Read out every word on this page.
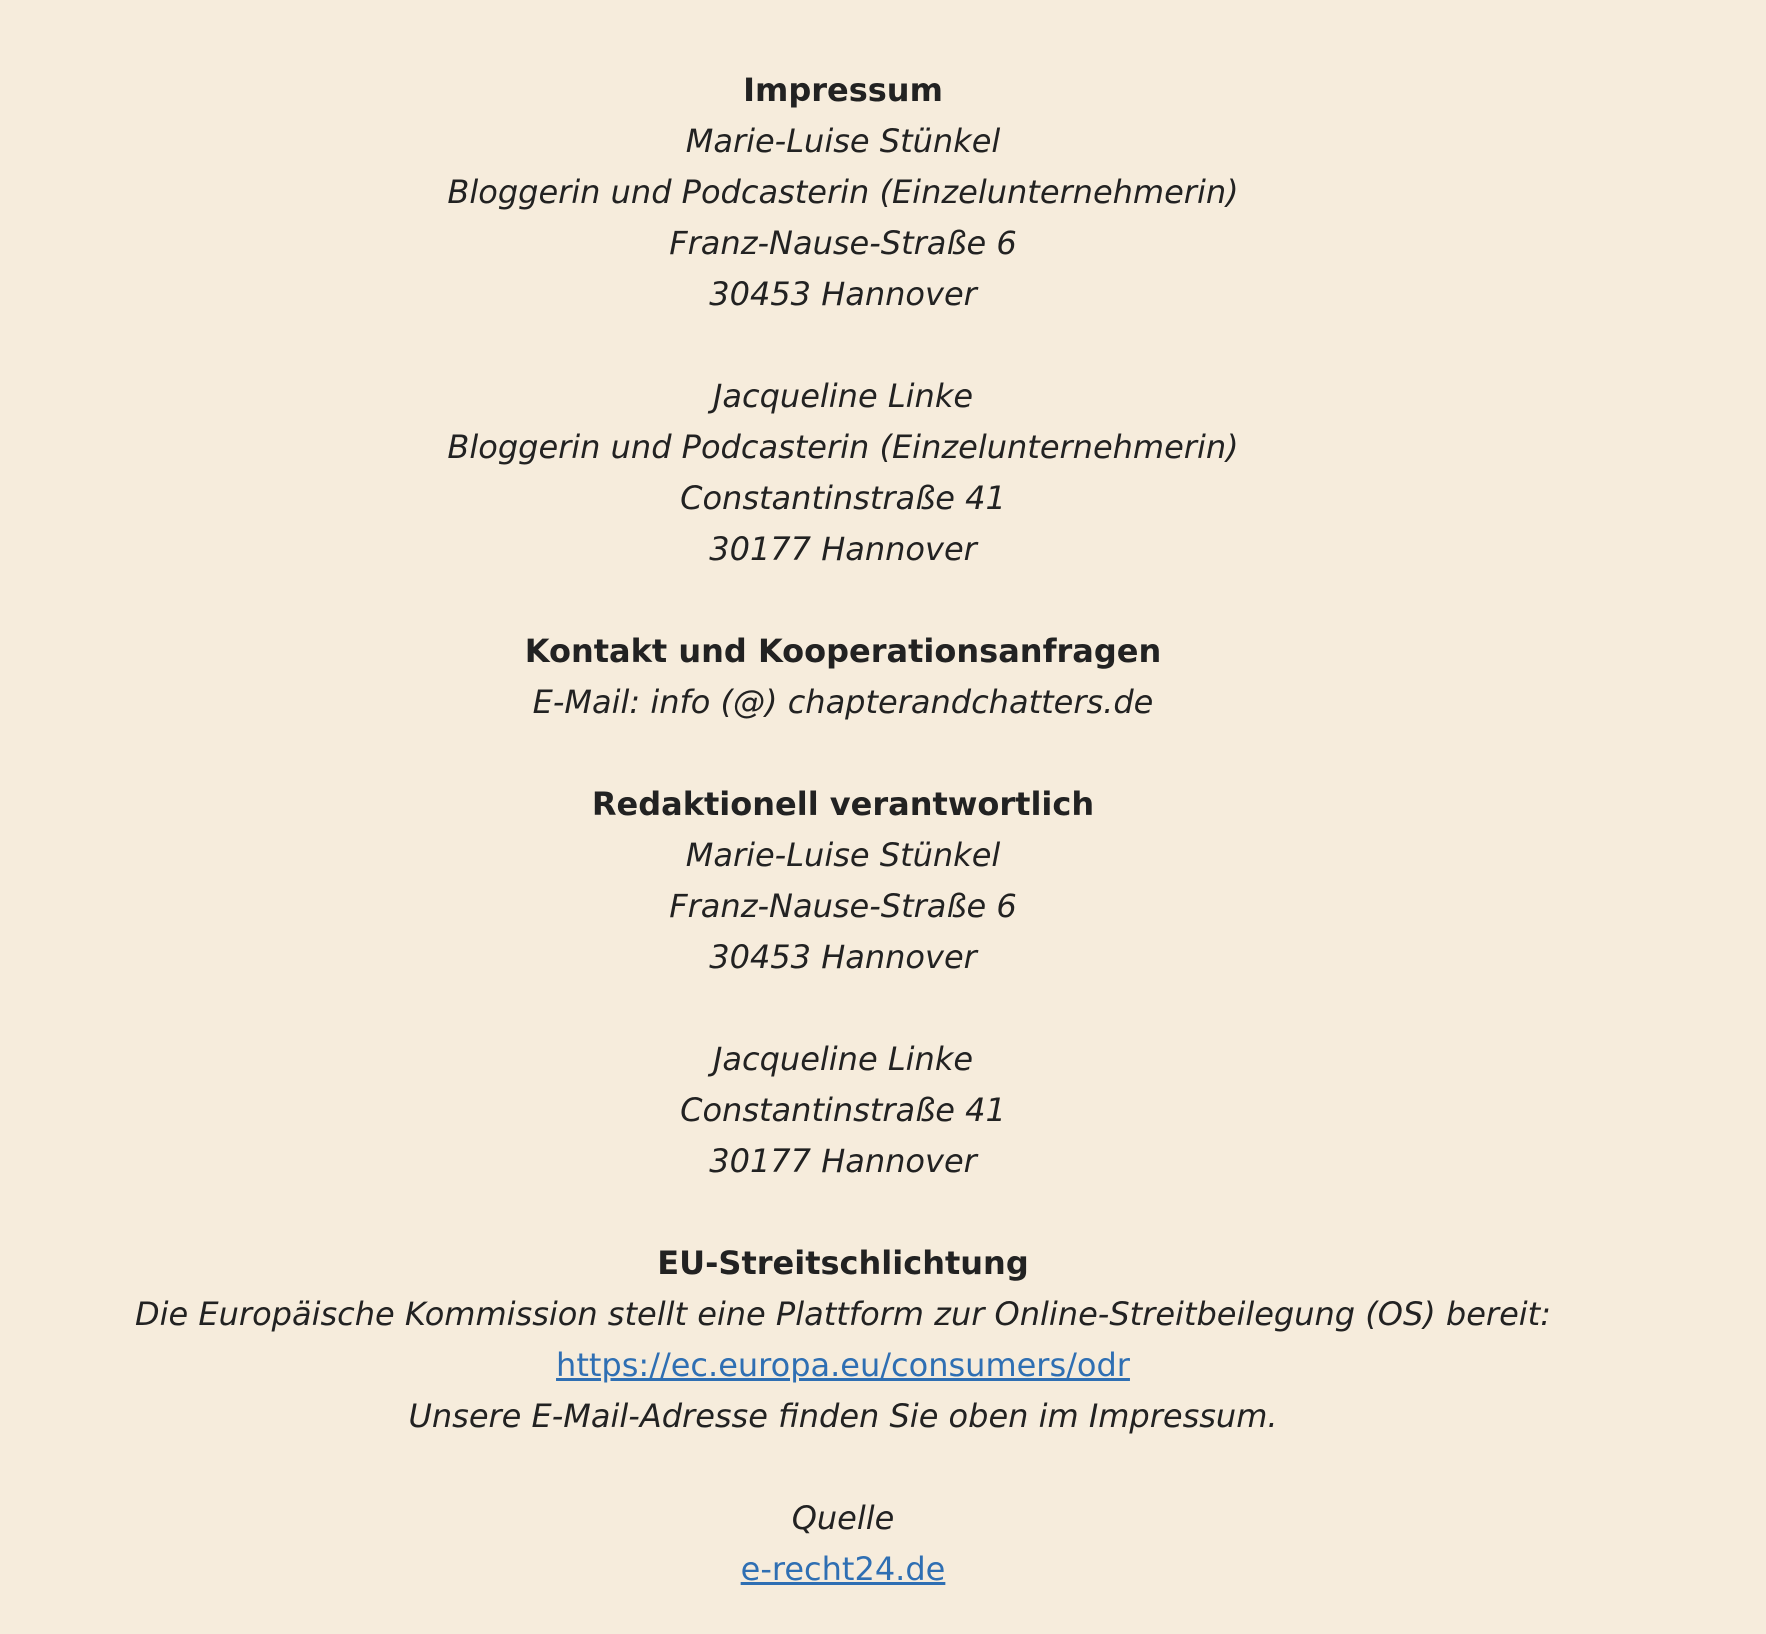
Impressum
Marie-Luise Stünkel
Bloggerin und Podcasterin (Einzelunternehmerin)
Franz-Nause-Straße 6
30453 Hannover
Jacqueline Linke
Bloggerin und Podcasterin (Einzelunternehmerin)
Constantinstraße 41
30177 Hannover
Kontakt und Kooperationsanfragen
E-Mail: info (@) chapterandchatters.de
Redaktionell verantwortlich
Marie-Luise Stünkel
Franz-Nause-Straße 6
30453 Hannover
Jacqueline Linke
Constantinstraße 41
30177 Hannover
EU-Streitschlichtung
Die Europäische Kommission stellt eine Plattform zur Online-Streitbeilegung (OS) bereit:
https://ec.europa.eu/consumers/odr
Unsere E-Mail-Adresse finden Sie oben im Impressum.
Quelle
e-recht24.de
